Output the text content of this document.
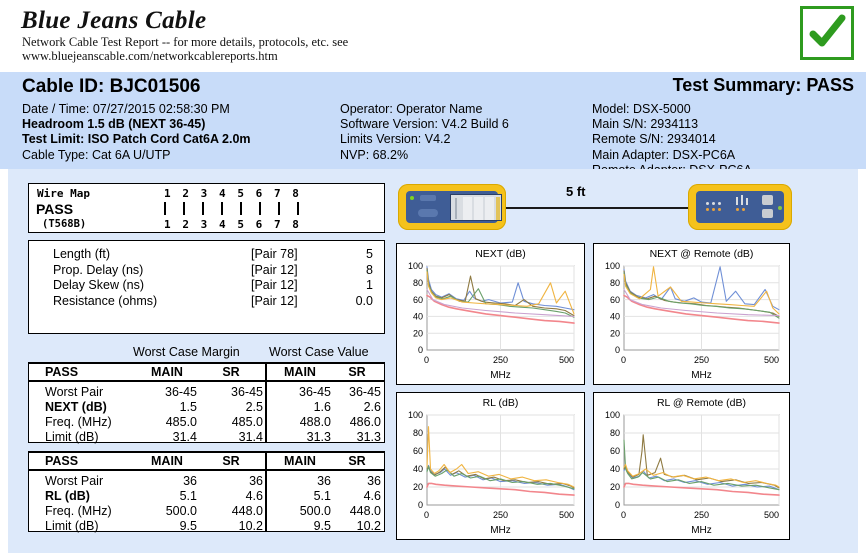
Blue Jeans Cable
Network Cable Test Report -- for more details, protocols, etc. see
www.bluejeanscable.com/networkcablereports.htm
Cable ID: BJC01506	Test Summary: PASS
Date / Time: 07/27/2015 02:58:30 PM
Headroom 1.5 dB (NEXT 36-45)
Test Limit: ISO Patch Cord Cat6A 2.0m
Cable Type: Cat 6A U/UTP
Operator: Operator Name
Software Version: V4.2 Build 6
Limits Version: V4.2
NVP: 68.2%
Model: DSX-5000
Main S/N: 2934113
Remote S/N: 2934014
Main Adapter: DSX-PC6A
Wire Map
PASS
(T568B)
1 2 3 4 5 6 7 8
1 2 3 4 5 6 7 8
Length (ft)	[Pair 78]	5
Prop. Delay (ns)	[Pair 12]	8
Delay Skew (ns)	[Pair 12]	1
Resistance (ohms)	[Pair 12]	0.0
Worst Case Margin Worst Case Value
PASS	MAIN	SR	MAIN	SR
Worst Pair	36-45	36-45	36-45	36-45
NEXT (dB)	1.5	2.5	1.6	2.6
Freq. (MHz)	485.0	485.0	488.0	486.0
Limit (dB)	31.4	31.4	31.3	31.3
PASS	MAIN	SR	MAIN	SR
Worst Pair	36	36	36	36
RL (dB)	5.1	4.6	5.1	4.6
Freq. (MHz)	500.0	448.0	500.0	448.0
Limit (dB)	9.5	10.2	9.5	10.2
5 ft
NEXT (dB)
0
20
40
60
80
100
0	250	500
MHz
NEXT @ Remote (dB)
0
20
40
60
80
100
0	250	500
MHz
RL (dB)
0
20
40
60
80
100
0	250	500
MHz
RL @ Remote (dB)
0
20
40
60
80
100
0	250	500
MHz
